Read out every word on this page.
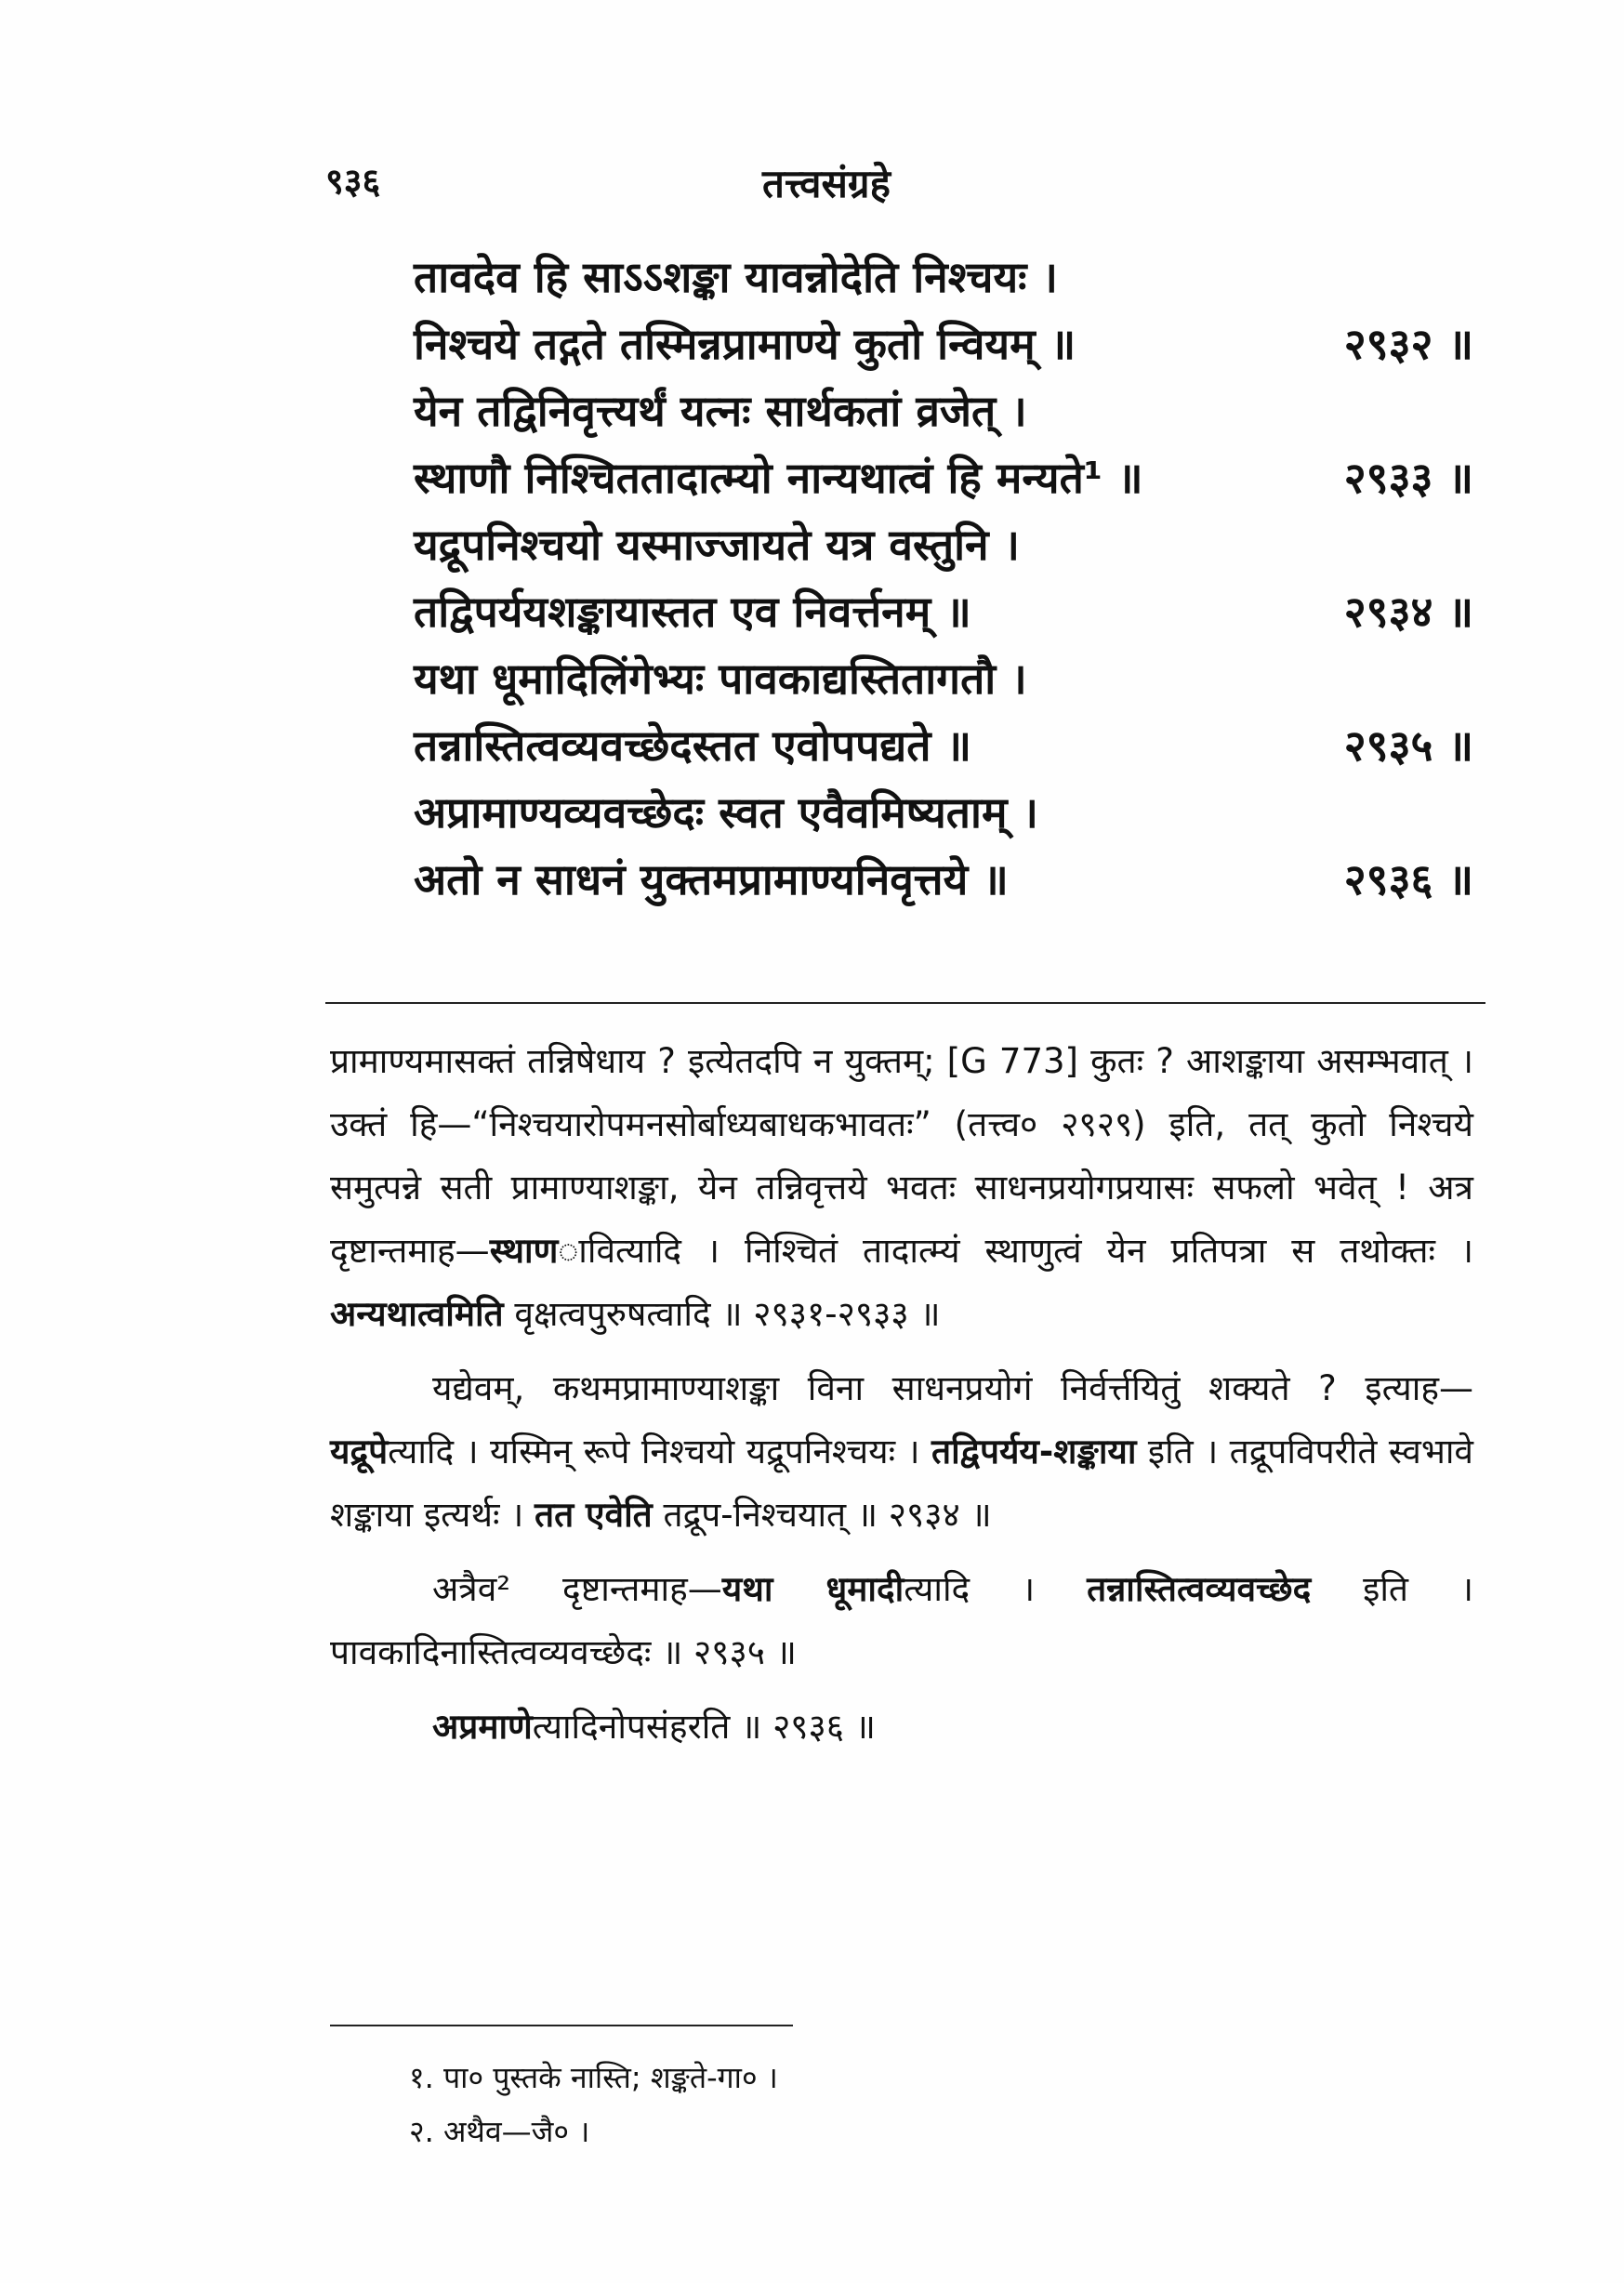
९३६	तत्त्वसंग्रहे
तावदेव हि साऽऽशङ्का यावन्नोदेति निश्चयः ।
निश्चये तद्गते तस्मिन्नप्रामाण्ये कुतो न्वियम् ॥	२९३२ ॥
येन तद्विनिवृत्त्यर्थं यत्नः सार्थकतां व्रजेत् ।
स्थाणौ निश्चिततादात्म्यो नान्यथात्वं हि मन्यते¹ ॥	२९३३ ॥
यद्रूपनिश्चयो यस्माज्जायते यत्र वस्तुनि ।
तद्विपर्ययशङ्कायास्तत एव निवर्त्तनम् ॥	२९३४ ॥
यथा धूमादिलिंगेभ्यः पावकाद्यस्तितागतौ ।
तन्नास्तित्वव्यवच्छेदस्तत एवोपपद्यते ॥	२९३५ ॥
अप्रामाण्यव्यवच्छेदः स्वत एवैवमिष्यताम् ।
अतो न साधनं युक्तमप्रामाण्यनिवृत्तये ॥	२९३६ ॥

प्रामाण्यमासक्तं तन्निषेधाय ? इत्येतदपि न युक्तम्; [G 773] कुतः ? आशङ्काया असम्भवात् । उक्तं हि—“निश्चयारोपमनसोर्बाध्यबाधकभावतः” (तत्त्व० २९२९) इति, तत् कुतो निश्चये समुत्पन्ने सती प्रामाण्याशङ्का, येन तन्निवृत्तये भवतः साधनप्रयोगप्रयासः सफलो भवेत् ! अत्र दृष्टान्तमाह—स्थाणावित्यादि । निश्चितं तादात्म्यं स्थाणुत्वं येन प्रतिपत्रा स तथोक्तः । अन्यथात्वमिति वृक्षत्वपुरुषत्वादि ॥ २९३१-२९३३ ॥

यद्येवम्, कथमप्रामाण्याशङ्का विना साधनप्रयोगं निर्वर्त्तयितुं शक्यते ? इत्याह—यद्रूपेत्यादि । यस्मिन् रूपे निश्चयो यद्रूपनिश्चयः । तद्विपर्यय-शङ्काया इति । तद्रूपविपरीते स्वभावे शङ्काया इत्यर्थः । तत एवेति तद्रूप-निश्चयात् ॥ २९३४ ॥

अत्रैव² दृष्टान्तमाह—यथा धूमादीत्यादि । तन्नास्तित्वव्यवच्छेद इति । पावकादिनास्तित्वव्यवच्छेदः ॥ २९३५ ॥

अप्रमाणेत्यादिनोपसंहरति ॥ २९३६ ॥

१. पा० पुस्तके नास्ति; शङ्कते-गा० ।
२. अथैव—जै० ।
